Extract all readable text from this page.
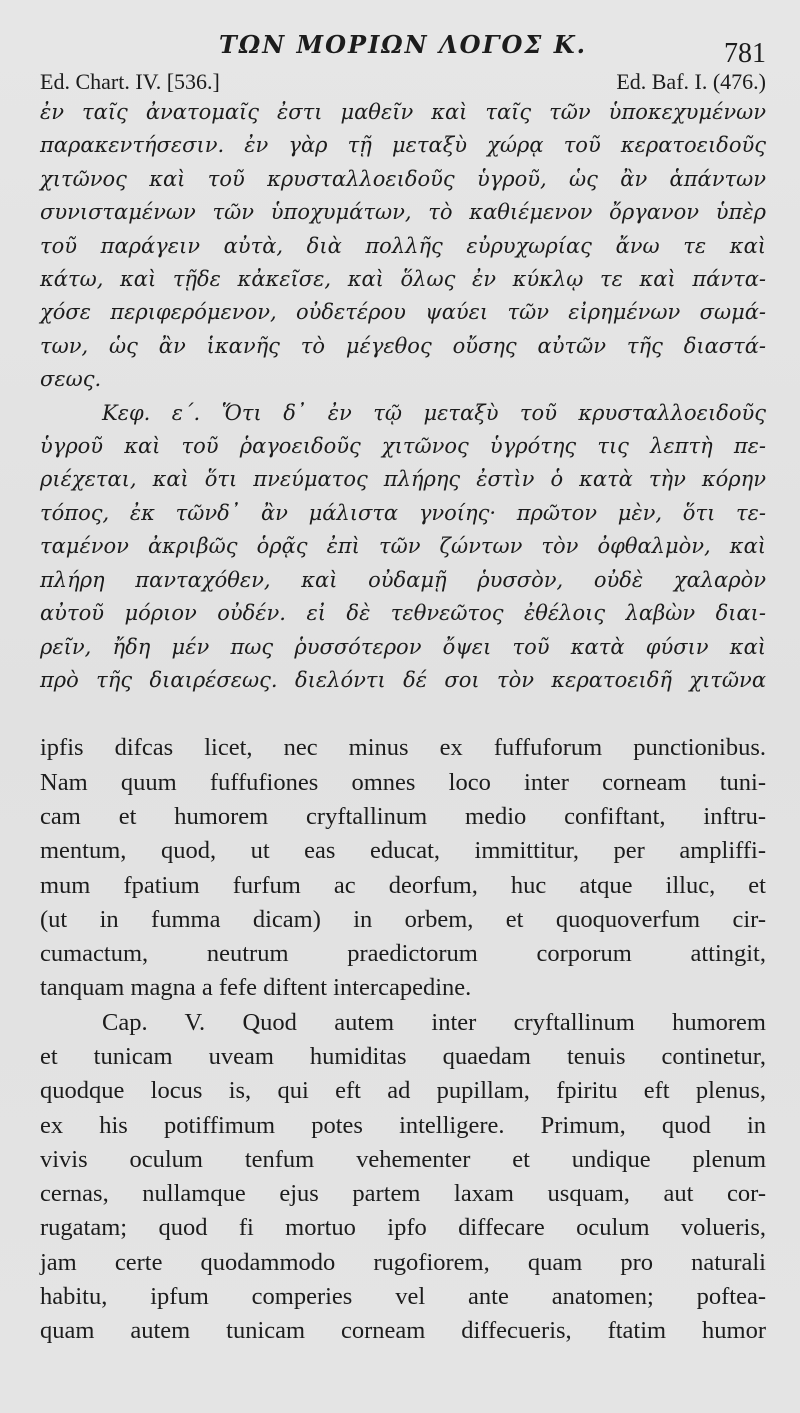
ΤΩΝ ΜΟΡΙΩΝ ΛΟΓΟΣ Κ.	781
Ed. Chart. IV. [536.]	Ed. Baf. I. (476.)

ἐν ταῖς ἀνατομαῖς ἐστι μαθεῖν καὶ ταῖς τῶν ὑποκεχυμένων
παρακεντήσεσιν. ἐν γὰρ τῇ μεταξὺ χώρᾳ τοῦ κερατοειδοῦς
χιτῶνος καὶ τοῦ κρυσταλλοειδοῦς ὑγροῦ, ὡς ἂν ἁπάντων
συνισταμένων τῶν ὑποχυμάτων, τὸ καθιέμενον ὄργανον ὑπὲρ
τοῦ παράγειν αὐτὰ, διὰ πολλῆς εὐρυχωρίας ἄνω τε καὶ
κάτω, καὶ τῇδε κἀκεῖσε, καὶ ὅλως ἐν κύκλῳ τε καὶ πάντα-
χόσε περιφερόμενον, οὐδετέρου ψαύει τῶν εἰρημένων σωμά-
των, ὡς ἂν ἱκανῆς τὸ μέγεθος οὔσης αὐτῶν τῆς διαστά-
σεως.

Κεφ. ε΄. Ὅτι δ᾽ ἐν τῷ μεταξὺ τοῦ κρυσταλλοειδοῦς
ὑγροῦ καὶ τοῦ ῥαγοειδοῦς χιτῶνος ὑγρότης τις λεπτὴ πε-
ριέχεται, καὶ ὅτι πνεύματος πλήρης ἐστὶν ὁ κατὰ τὴν κόρην
τόπος, ἐκ τῶνδ᾽ ἂν μάλιστα γνοίης· πρῶτον μὲν, ὅτι τε-
ταμένον ἀκριβῶς ὁρᾷς ἐπὶ τῶν ζώντων τὸν ὀφθαλμὸν, καὶ
πλήρη πανταχόθεν, καὶ οὐδαμῇ ῥυσσὸν, οὐδὲ χαλαρὸν
αὐτοῦ μόριον οὐδέν. εἰ δὲ τεθνεῶτος ἐθέλοις λαβὼν διαι-
ρεῖν, ἤδη μέν πως ῥυσσότερον ὄψει τοῦ κατὰ φύσιν καὶ
πρὸ τῆς διαιρέσεως. διελόντι δέ σοι τὸν κερατοειδῆ χιτῶνα

ipfis difcas licet, nec minus ex fuffuforum punctionibus.
Nam quum fuffufiones omnes loco inter corneam tuni-
cam et humorem cryftallinum medio confiftant, inftru-
mentum, quod, ut eas educat, immittitur, per ampliffi-
mum fpatium furfum ac deorfum, huc atque illuc, et
(ut in fumma dicam) in orbem, et quoquoverfum cir-
cumactum, neutrum praedictorum corporum attingit,
tanquam magna a fefe diftent intercapedine.

Cap. V. Quod autem inter cryftallinum humorem
et tunicam uveam humiditas quaedam tenuis continetur,
quodque locus is, qui eft ad pupillam, fpiritu eft plenus,
ex his potiffimum potes intelligere. Primum, quod in
vivis oculum tenfum vehementer et undique plenum
cernas, nullamque ejus partem laxam usquam, aut cor-
rugatam; quod fi mortuo ipfo diffecare oculum volueris,
jam certe quodammodo rugofiorem, quam pro naturali
habitu, ipfum comperies vel ante anatomen; poftea-
quam autem tunicam corneam diffecueris, ftatim humor
